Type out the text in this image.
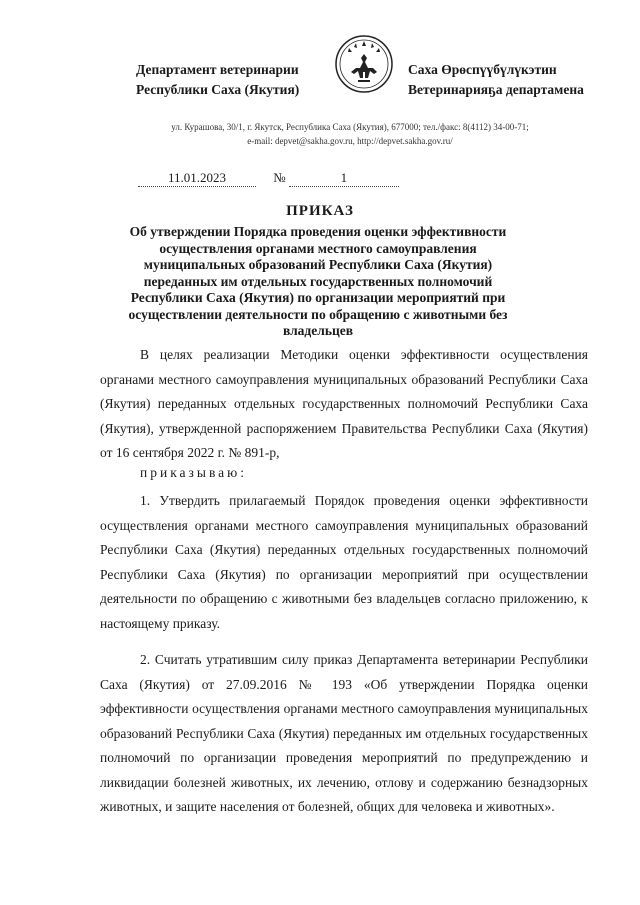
Департамент ветеринарии
Республики Саха (Якутия)
Саха Өрөспүүбүлүкэтин
Ветеринарияҕа департамена
ул. Курашова, 30/1, г. Якутск, Республика Саха (Якутия), 677000; тел./факс: 8(4112) 34-00-71;
e-mail: depvet@sakha.gov.ru, http://depvet.sakha.gov.ru/
11.01.2023	№	1
ПРИКАЗ
Об утверждении Порядка проведения оценки эффективности осуществления органами местного самоуправления муниципальных образований Республики Саха (Якутия) переданных им отдельных государственных полномочий Республики Саха (Якутия) по организации мероприятий при осуществлении деятельности по обращению с животными без владельцев
В целях реализации Методики оценки эффективности осуществления органами местного самоуправления муниципальных образований Республики Саха (Якутия) переданных отдельных государственных полномочий Республики Саха (Якутия), утвержденной распоряжением Правительства Республики Саха (Якутия) от 16 сентября 2022 г. № 891-р,
приказываю:
1. Утвердить прилагаемый Порядок проведения оценки эффективности осуществления органами местного самоуправления муниципальных образований Республики Саха (Якутия) переданных отдельных государственных полномочий Республики Саха (Якутия) по организации мероприятий при осуществлении деятельности по обращению с животными без владельцев согласно приложению, к настоящему приказу.
2. Считать утратившим силу приказ Департамента ветеринарии Республики Саха (Якутия) от 27.09.2016 № 193 «Об утверждении Порядка оценки эффективности осуществления органами местного самоуправления муниципальных образований Республики Саха (Якутия) переданных им отдельных государственных полномочий по организации проведения мероприятий по предупреждению и ликвидации болезней животных, их лечению, отлову и содержанию безнадзорных животных, и защите населения от болезней, общих для человека и животных».
